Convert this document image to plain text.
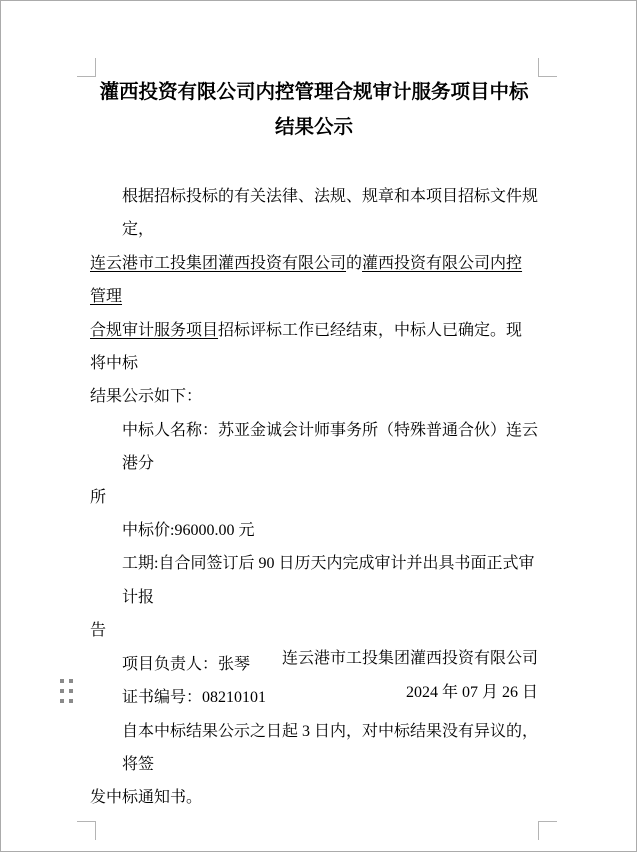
灌西投资有限公司内控管理合规审计服务项目中标
结果公示
根据招标投标的有关法律、法规、规章和本项目招标文件规定，
连云港市工投集团灌西投资有限公司的灌西投资有限公司内控管理
合规审计服务项目招标评标工作已经结束，中标人已确定。现将中标
结果公示如下：
中标人名称：苏亚金诚会计师事务所（特殊普通合伙）连云港分
所
中标价:96000.00 元
工期:自合同签订后 90 日历天内完成审计并出具书面正式审计报
告
项目负责人：张琴
证书编号：08210101
自本中标结果公示之日起 3 日内，对中标结果没有异议的，将签
发中标通知书。
连云港市工投集团灌西投资有限公司
2024 年 07 月 26 日
